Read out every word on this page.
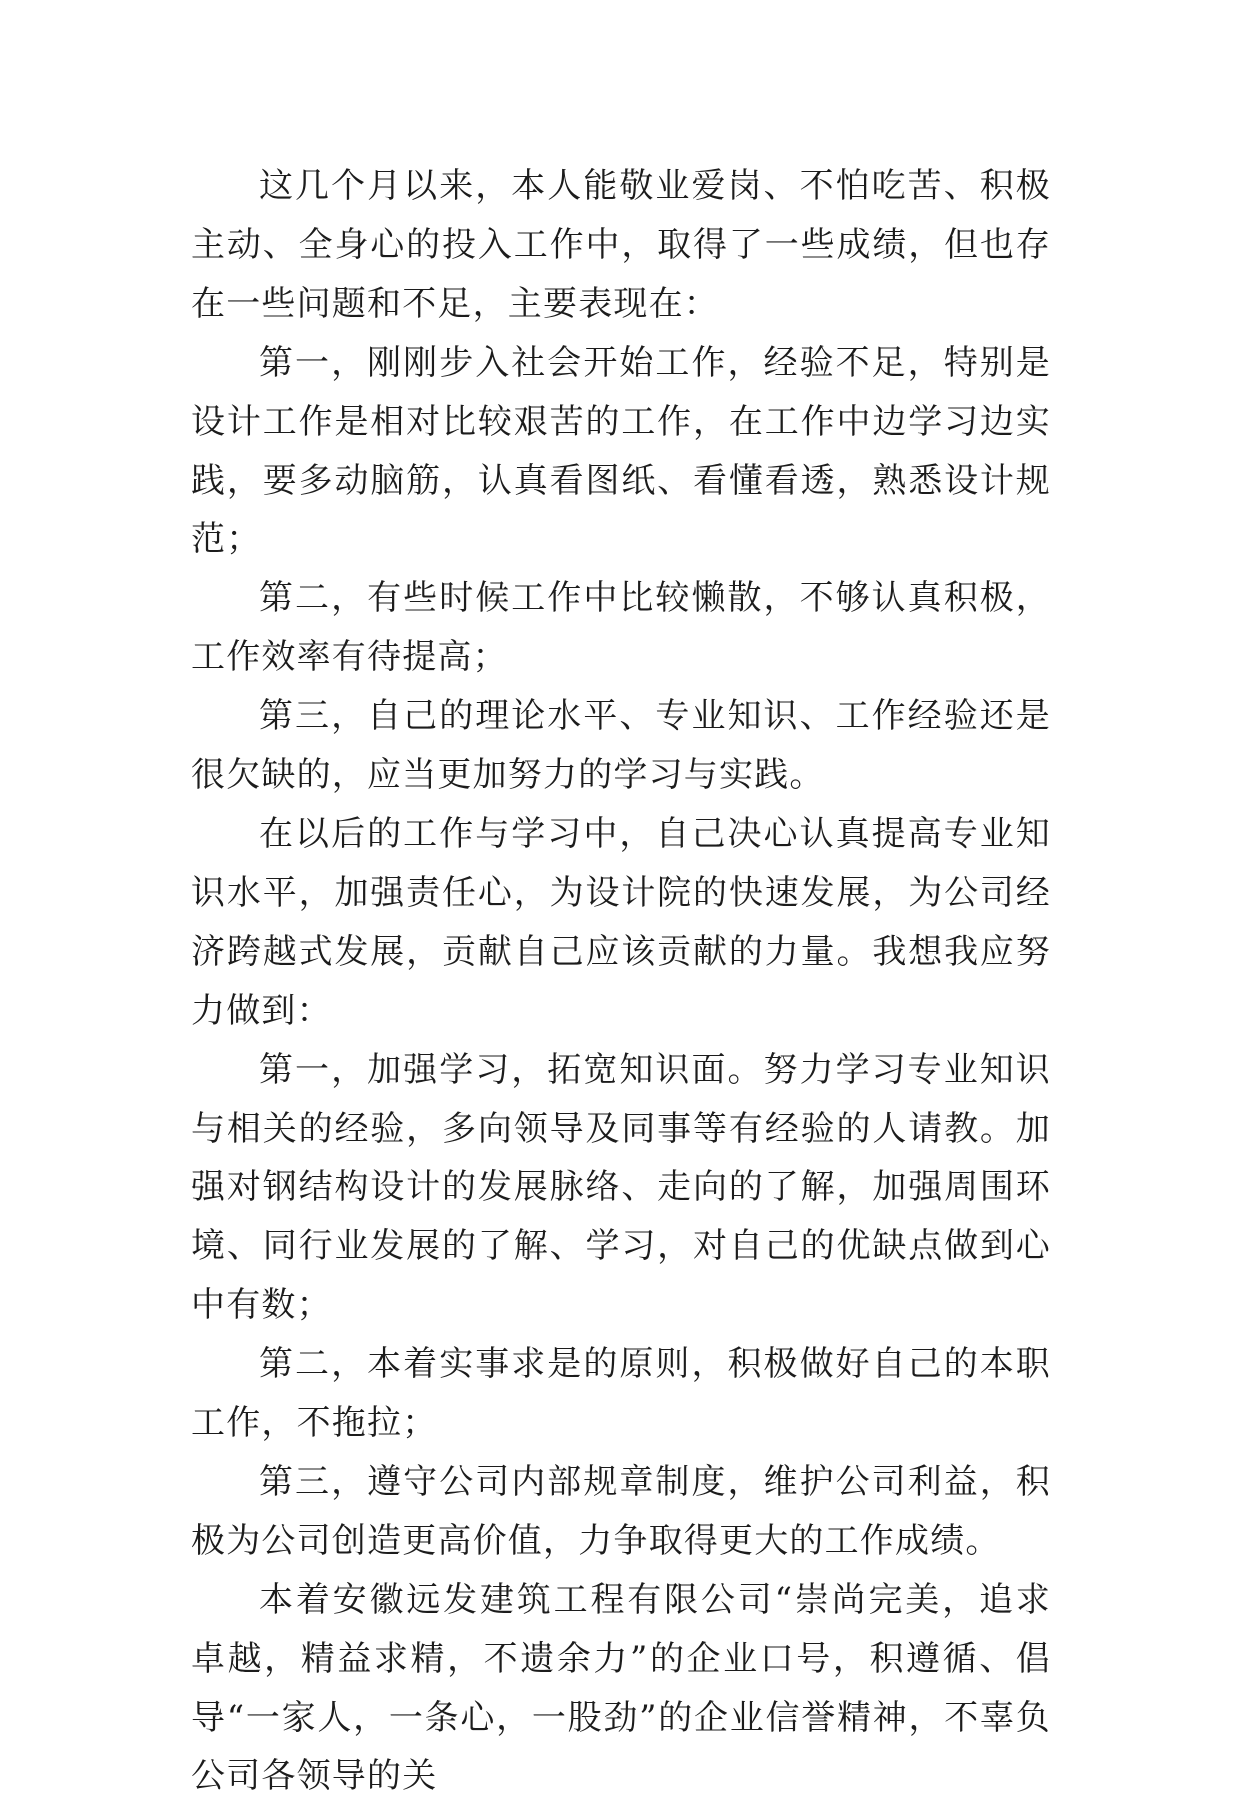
这几个月以来，本人能敬业爱岗、不怕吃苦、积极主动、全身心的投入工作中，取得了一些成绩，但也存在一些问题和不足，主要表现在：

第一，刚刚步入社会开始工作，经验不足，特别是设计工作是相对比较艰苦的工作，在工作中边学习边实践，要多动脑筋，认真看图纸、看懂看透，熟悉设计规范；

第二，有些时候工作中比较懒散，不够认真积极，工作效率有待提高；

第三，自己的理论水平、专业知识、工作经验还是很欠缺的，应当更加努力的学习与实践。

在以后的工作与学习中，自己决心认真提高专业知识水平，加强责任心，为设计院的快速发展，为公司经济跨越式发展，贡献自己应该贡献的力量。我想我应努力做到：

第一，加强学习，拓宽知识面。努力学习专业知识与相关的经验，多向领导及同事等有经验的人请教。加强对钢结构设计的发展脉络、走向的了解，加强周围环境、同行业发展的了解、学习，对自己的优缺点做到心中有数；

第二，本着实事求是的原则，积极做好自己的本职工作，不拖拉；

第三，遵守公司内部规章制度，维护公司利益，积极为公司创造更高价值，力争取得更大的工作成绩。

本着安徽远发建筑工程有限公司“崇尚完美，追求卓越，精益求精，不遗余力”的企业口号，积遵循、倡导“一家人，一条心，一股劲”的企业信誉精神，不辜负公司各领导的关
